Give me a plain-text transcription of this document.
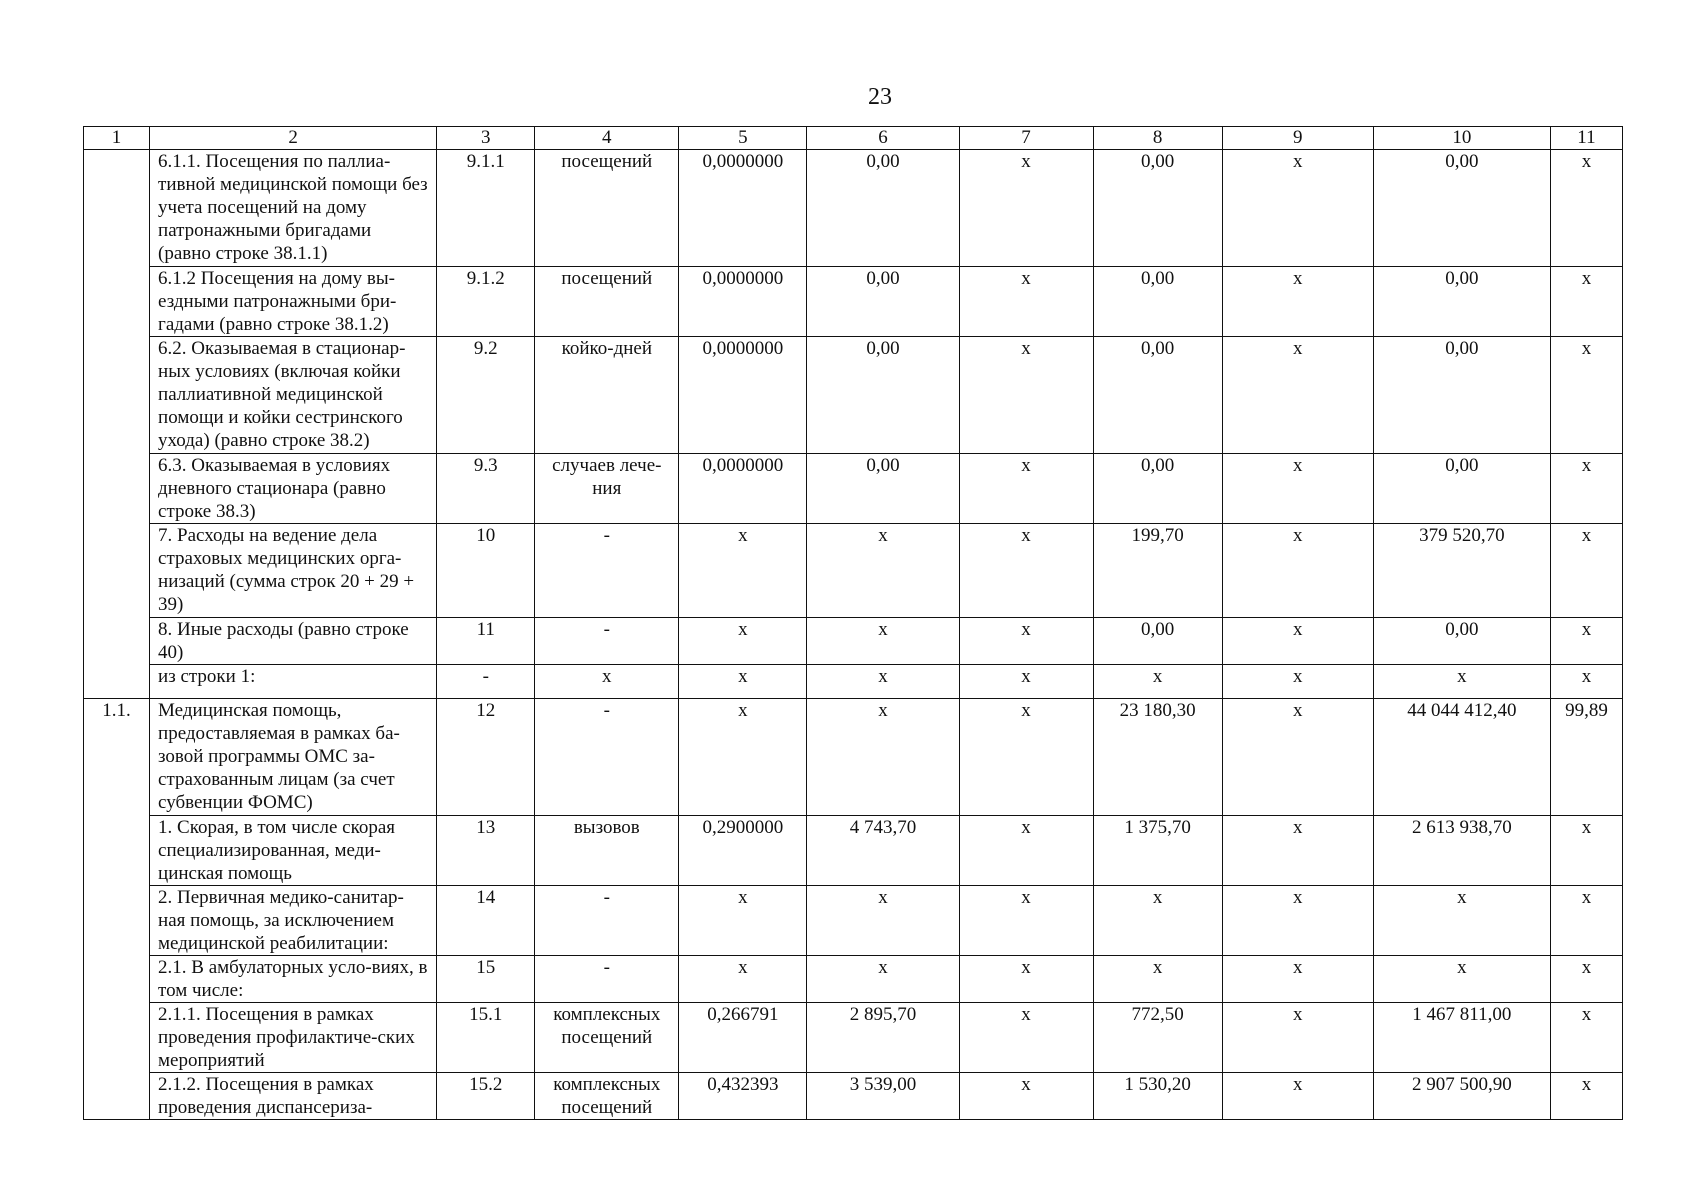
23
1	2	3	4	5	6	7	8	9	10	11
	6.1.1. Посещения по паллиа-тивной медицинской помощи без учета посещений на дому патронажными бригадами (равно строке 38.1.1)	9.1.1	посещений	0,0000000	0,00	х	0,00	х	0,00	х
	6.1.2 Посещения на дому вы-ездными патронажными бри-гадами (равно строке 38.1.2)	9.1.2	посещений	0,0000000	0,00	х	0,00	х	0,00	х
	6.2. Оказываемая в стационар-ных условиях (включая койки паллиативной медицинской помощи и койки сестринского ухода) (равно строке 38.2)	9.2	койко-дней	0,0000000	0,00	х	0,00	х	0,00	х
	6.3. Оказываемая в условиях дневного стационара (равно строке 38.3)	9.3	случаев лече-ния	0,0000000	0,00	х	0,00	х	0,00	х
	7. Расходы на ведение дела страховых медицинских орга-низаций (сумма строк 20 + 29 + 39)	10	-	х	х	х	199,70	х	379 520,70	х
	8. Иные расходы (равно строке 40)	11	-	х	х	х	0,00	х	0,00	х
	из строки 1:	-	х	х	х	х	х	х	х	х
1.1.	Медицинская помощь, предоставляемая в рамках ба-зовой программы ОМС за-страхованным лицам (за счет субвенции ФОМС)	12	-	х	х	х	23 180,30	х	44 044 412,40	99,89
	1. Скорая, в том числе скорая специализированная, меди-цинская помощь	13	вызовов	0,2900000	4 743,70	х	1 375,70	х	2 613 938,70	х
	2. Первичная медико-санитар-ная помощь, за исключением медицинской реабилитации:	14	-	х	х	х	х	х	х	х
	2.1. В амбулаторных усло-виях, в том числе:	15	-	х	х	х	х	х	х	х
	2.1.1. Посещения в рамках проведения профилактиче-ских мероприятий	15.1	комплексных посещений	0,266791	2 895,70	х	772,50	х	1 467 811,00	х
	2.1.2. Посещения в рамках проведения диспансериза-	15.2	комплексных посещений	0,432393	3 539,00	х	1 530,20	х	2 907 500,90	х
